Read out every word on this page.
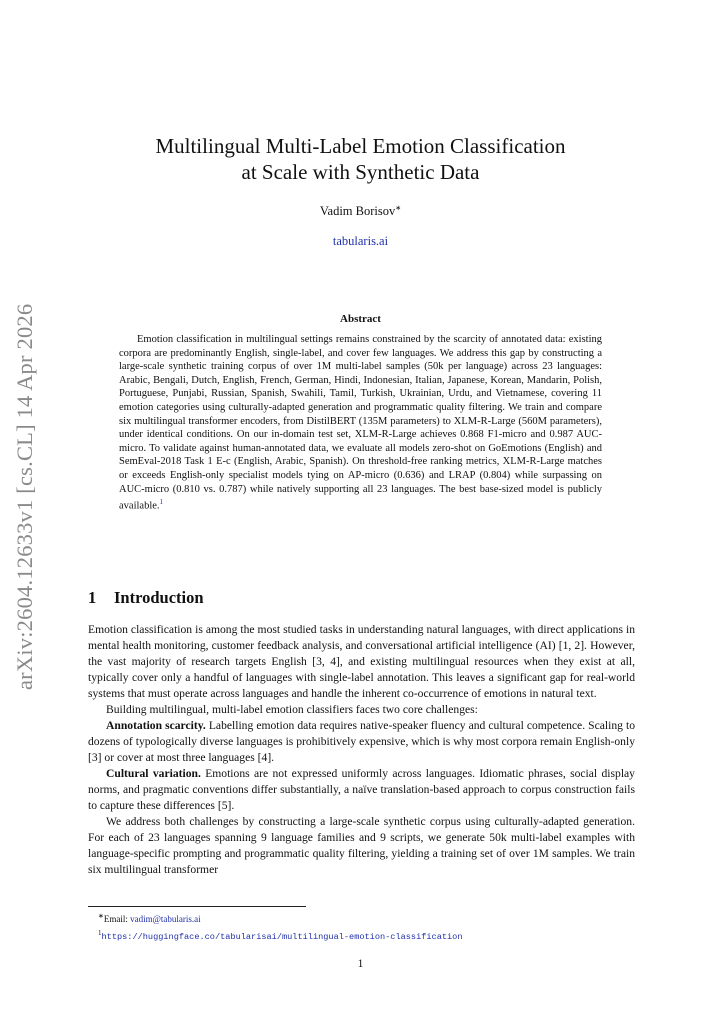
arXiv:2604.12633v1 [cs.CL] 14 Apr 2026
Multilingual Multi-Label Emotion Classification
at Scale with Synthetic Data
Vadim Borisov∗
tabularis.ai
Abstract

Emotion classification in multilingual settings remains constrained by the scarcity of annotated data: existing corpora are predominantly English, single-label, and cover few languages. We address this gap by constructing a large-scale synthetic training corpus of over 1M multi-label samples (50k per language) across 23 languages: Arabic, Bengali, Dutch, English, French, German, Hindi, Indonesian, Italian, Japanese, Korean, Mandarin, Polish, Portuguese, Punjabi, Russian, Spanish, Swahili, Tamil, Turkish, Ukrainian, Urdu, and Vietnamese, covering 11 emotion categories using culturally-adapted generation and programmatic quality filtering. We train and compare six multilingual transformer encoders, from DistilBERT (135M parameters) to XLM-R-Large (560M parameters), under identical conditions. On our in-domain test set, XLM-R-Large achieves 0.868 F1-micro and 0.987 AUC-micro. To validate against human-annotated data, we evaluate all models zero-shot on GoEmotions (English) and SemEval-2018 Task 1 E-c (English, Arabic, Spanish). On threshold-free ranking metrics, XLM-R-Large matches or exceeds English-only specialist models tying on AP-micro (0.636) and LRAP (0.804) while surpassing on AUC-micro (0.810 vs. 0.787) while natively supporting all 23 languages. The best base-sized model is publicly available.$^1$

1 Introduction

Emotion classification is among the most studied tasks in understanding natural languages, with direct applications in mental health monitoring, customer feedback analysis, and conversational artificial intelligence (AI) [1, 2]. However, the vast majority of research targets English [3, 4], and existing multilingual resources when they exist at all, typically cover only a handful of languages with single-label annotation. This leaves a significant gap for real-world systems that must operate across languages and handle the inherent co-occurrence of emotions in natural text.

Building multilingual, multi-label emotion classifiers faces two core challenges:

Annotation scarcity. Labelling emotion data requires native-speaker fluency and cultural competence. Scaling to dozens of typologically diverse languages is prohibitively expensive, which is why most corpora remain English-only [3] or cover at most three languages [4].

Cultural variation. Emotions are not expressed uniformly across languages. Idiomatic phrases, social display norms, and pragmatic conventions differ substantially, a naïve translation-based approach to corpus construction fails to capture these differences [5].

We address both challenges by constructing a large-scale synthetic corpus using culturally-adapted generation. For each of 23 languages spanning 9 language families and 9 scripts, we generate 50k multi-label examples with language-specific prompting and programmatic quality filtering, yielding a training set of over 1M samples. We train six multilingual transformer

∗Email: vadim@tabularis.ai
$^1$https://huggingface.co/tabularisai/multilingual-emotion-classification
1
